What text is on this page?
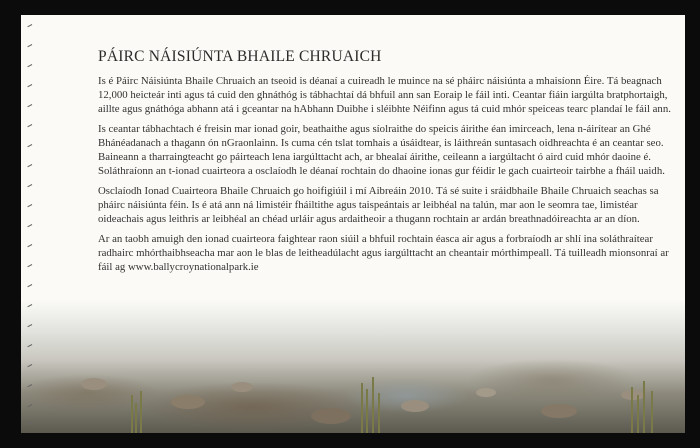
PÁIRC NÁISIÚNTA BHAILE CHRUAICH

Is é Páirc Náisiúnta Bhaile Chruaich an tseoid is déanaí a cuireadh le muince na sé pháirc náisiúnta a mhaisíonn Éire. Tá beagnach 12,000 heicteár inti agus tá cuid den ghnáthóg is tábhachtaí dá bhfuil ann san Eoraip le fáil inti. Ceantar fiáin iargúlta bratphortaigh, aillte agus gnáthóga abhann atá i gceantar na hAbhann Duibhe i sléibhte Néifinn agus tá cuid mhór speiceas tearc plandaí le fáil ann.

Is ceantar tábhachtach é freisin mar ionad goir, beathaithe agus síolraithe do speicis áirithe éan imirceach, lena n-áirítear an Ghé Bhánéadanach a thagann ón nGraonlainn. Is cuma cén tslat tomhais a úsáidtear, is láithreán suntasach oidhreachta é an ceantar seo. Baineann a tharraingteacht go páirteach lena iargúlttacht ach, ar bhealaí áirithe, ceileann a iargúltacht ó aird cuid mhór daoine é. Soláthraíonn an t-ionad cuairteora a osclaíodh le déanaí rochtain do dhaoine ionas gur féidir le gach cuairteoir tairbhe a fháil uaidh.

Osclaíodh Ionad Cuairteora Bhaile Chruaich go hoifigiúil i mí Aibreáin 2010. Tá sé suite i sráidbhaile Bhaile Chruaich seachas sa pháirc náisiúnta féin. Is é atá ann ná limistéir fháiltithe agus taispeántais ar leibhéal na talún, mar aon le seomra tae, limistéar oideachais agus leithris ar leibhéal an chéad urláir agus ardaitheoir a thugann rochtain ar ardán breathnadóireachta ar an díon.

Ar an taobh amuigh den ionad cuairteora faightear raon siúil a bhfuil rochtain éasca air agus a forbraíodh ar shlí ina soláthraítear radhairc mhórthaibhseacha mar aon le blas de leitheadúlacht agus iargúlttacht an cheantair mórthimpeall. Tá tuilleadh mionsonraí ar fáil ag www.ballycroynationalpark.ie
